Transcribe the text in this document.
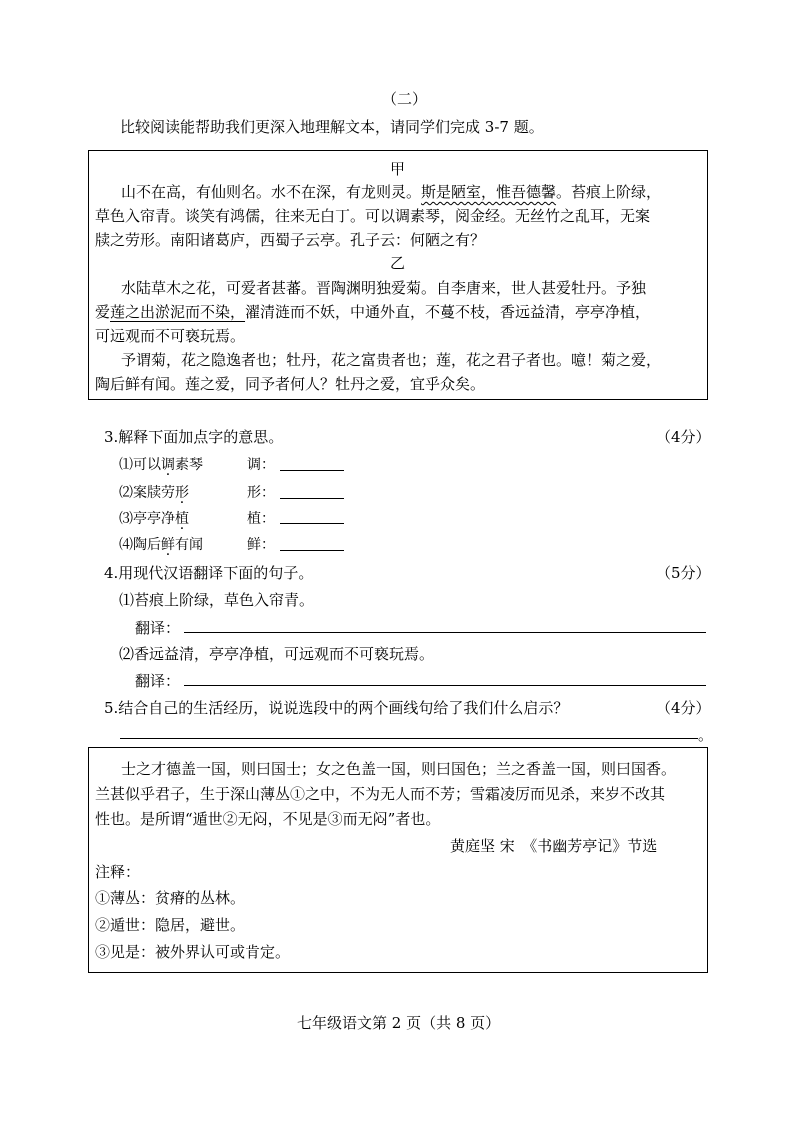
（二）
比较阅读能帮助我们更深入地理解文本，请同学们完成 3-7 题。
甲
山不在高，有仙则名。水不在深，有龙则灵。斯是陋室，惟吾德馨。苔痕上阶绿，
草色入帘青。谈笑有鸿儒，往来无白丁。可以调素琴，阅金经。无丝竹之乱耳，无案
牍之劳形。南阳诸葛庐，西蜀子云亭。孔子云：何陋之有？
乙
水陆草木之花，可爱者甚蕃。晋陶渊明独爱菊。自李唐来，世人甚爱牡丹。予独
爱莲之出淤泥而不染，濯清涟而不妖，中通外直，不蔓不枝，香远益清，亭亭净植，
可远观而不可亵玩焉。
予谓菊，花之隐逸者也；牡丹，花之富贵者也；莲，花之君子者也。噫！菊之爱，
陶后鲜有闻。莲之爱，同予者何人？牡丹之爱，宜乎众矣。
3.解释下面加点字的意思。	（4分）
⑴可以调素琴	调：
⑵案牍劳形	形：
⑶亭亭净植	植：
⑷陶后鲜有闻	鲜：
4.用现代汉语翻译下面的句子。	（5分）
⑴苔痕上阶绿，草色入帘青。
翻译：
⑵香远益清，亭亭净植，可远观而不可亵玩焉。
翻译：
5.结合自己的生活经历，说说选段中的两个画线句给了我们什么启示？	（4分）
。
士之才德盖一国，则曰国士；女之色盖一国，则曰国色；兰之香盖一国，则曰国香。
兰甚似乎君子，生于深山薄丛①之中，不为无人而不芳；雪霜凌厉而见杀，来岁不改其
性也。是所谓“遁世②无闷，不见是③而无闷”者也。
黄庭坚 宋　《书幽芳亭记》节选
注释：
①薄丛：贫瘠的丛林。
②遁世：隐居，避世。
③见是：被外界认可或肯定。
七年级语文第 2 页（共 8 页）
